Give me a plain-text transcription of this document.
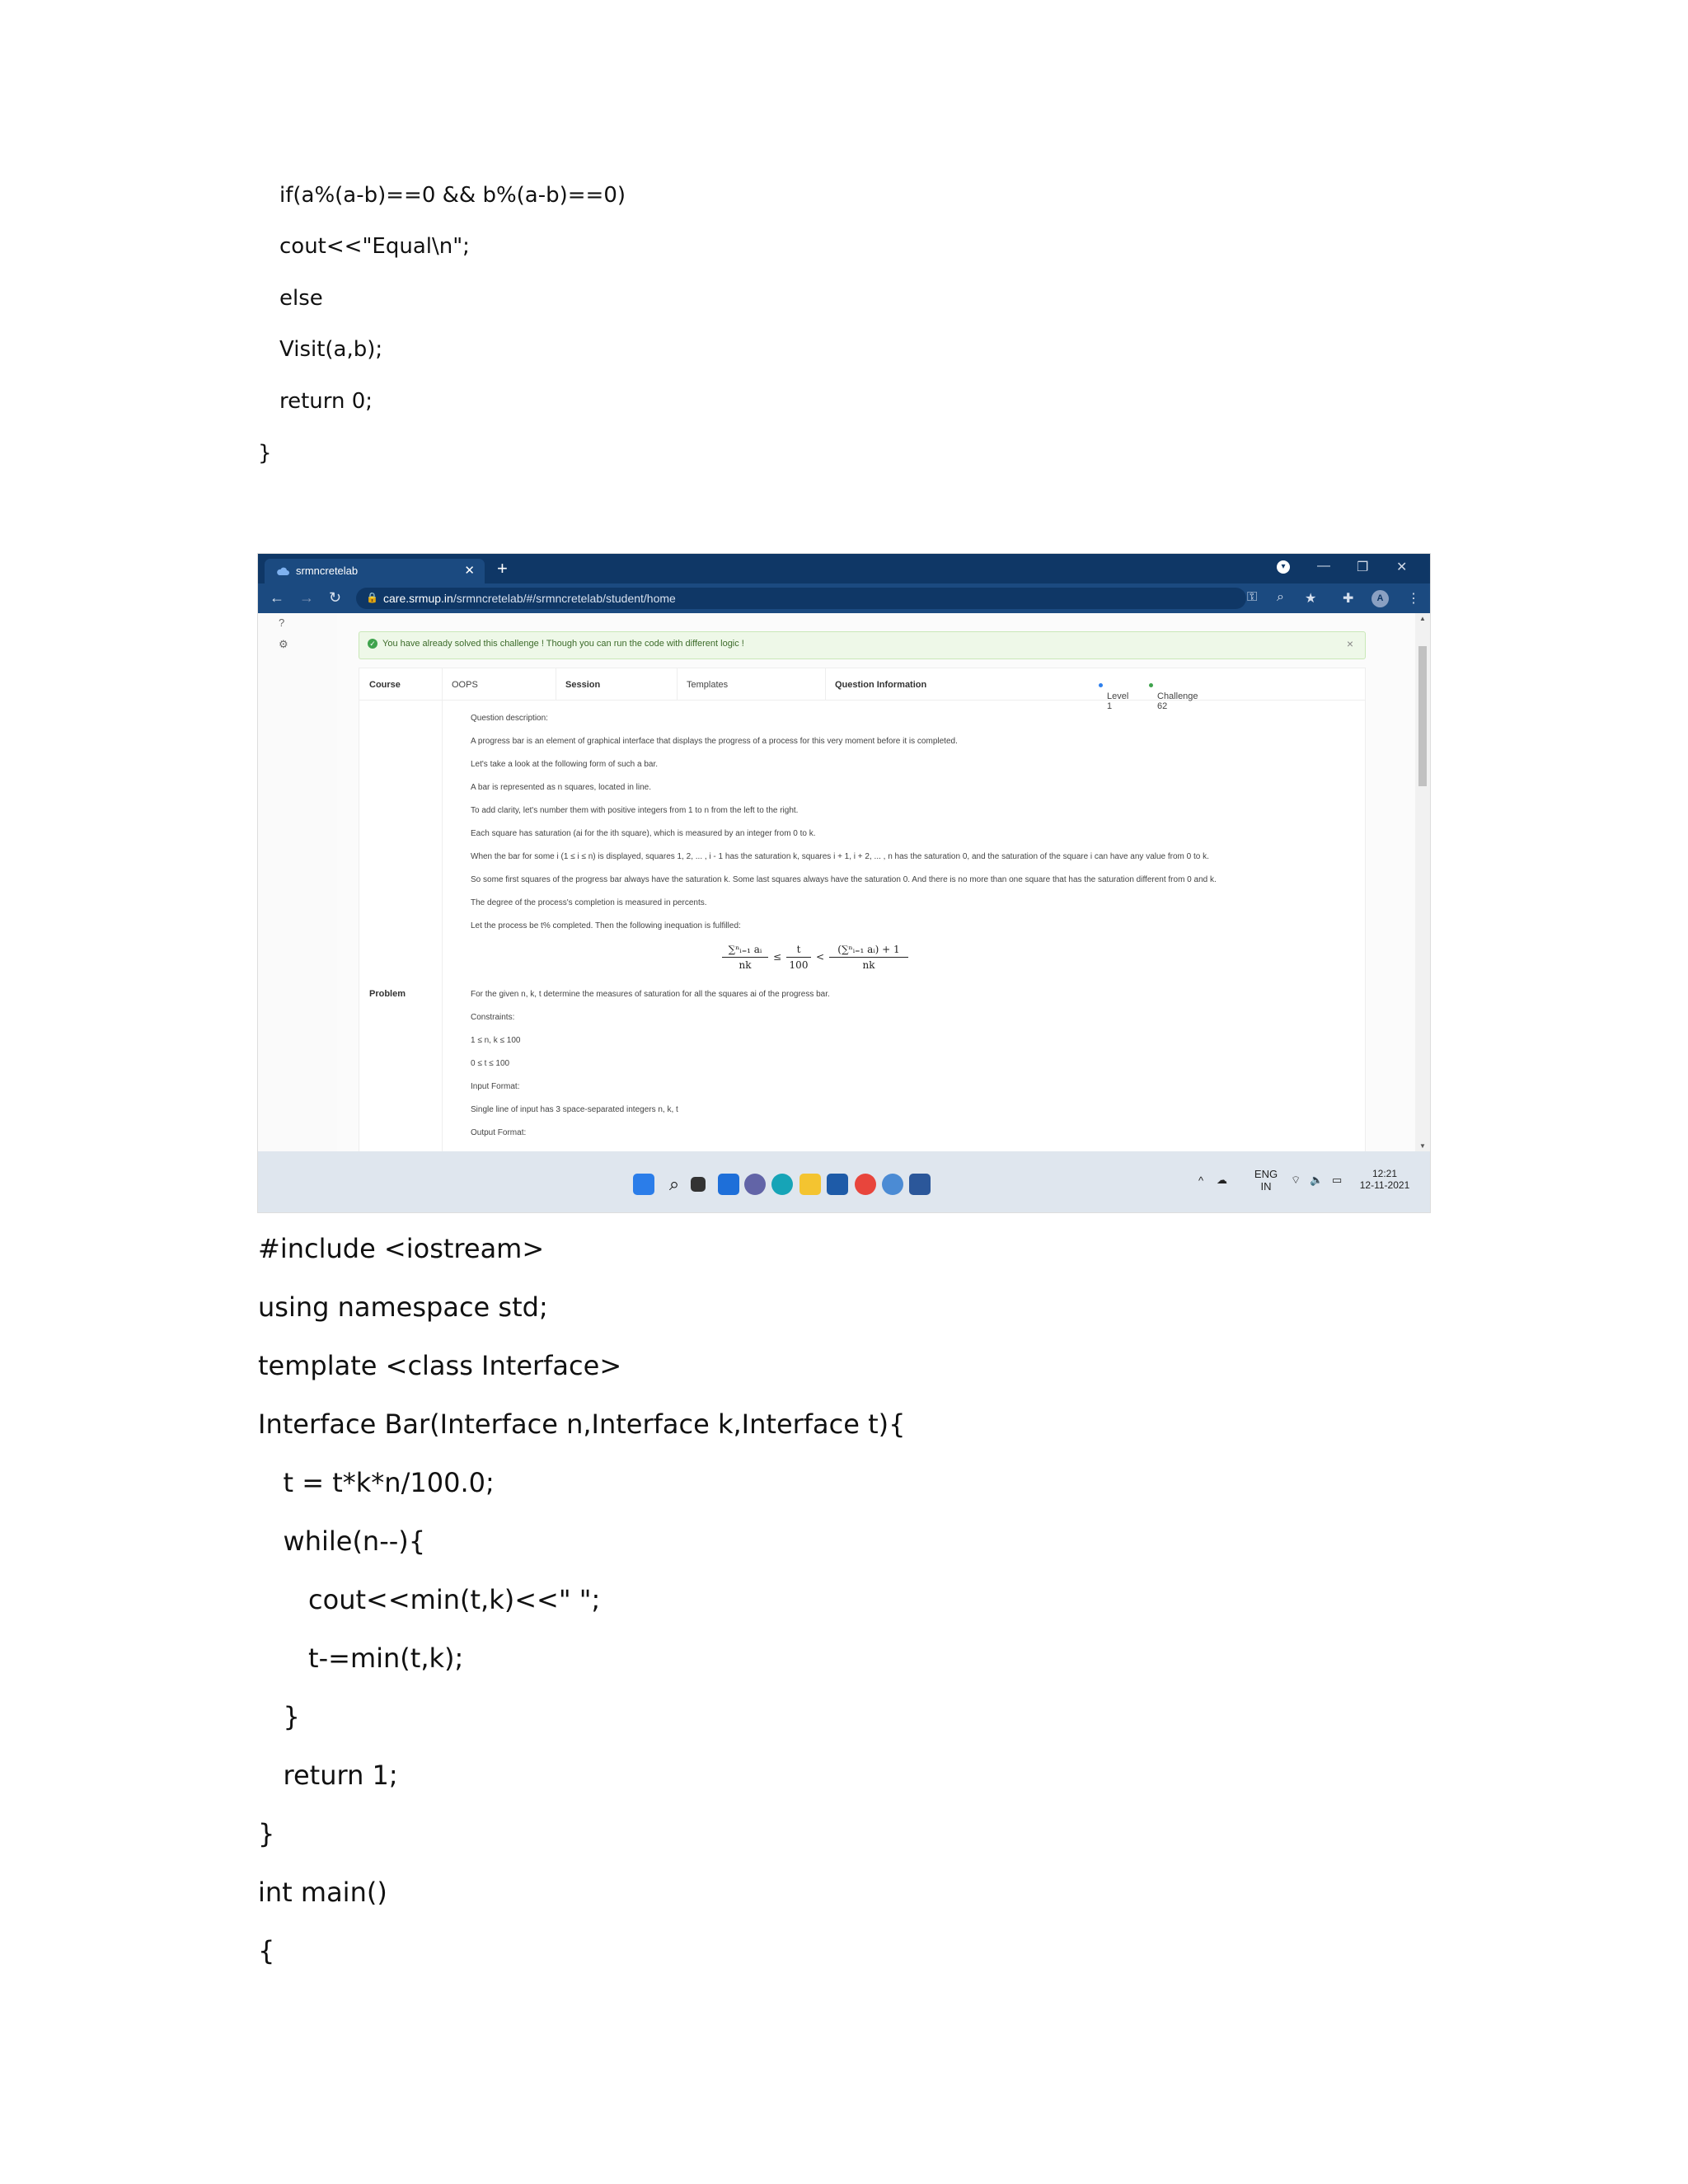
if(a%(a-b)==0 && b%(a-b)==0)
cout<<"Equal\n";
else
Visit(a,b);
return 0;
}
srmncretelab	✕ +	▾	— ❐ ✕
← → ↻ 🔒 care.srmup.in/srmncretelab/#/srmncretelab/student/home	⚿ ⌕ ★ ✚	A	⋮
?
⚙	✓ You have already solved this challenge ! Though you can run the code with different logic !	×
Course	OOPS	Session	Templates	Question Information
Level 1
Challenge 62
Problem
Question description:
A progress bar is an element of graphical interface that displays the progress of a process for this very moment before it is completed.
Let's take a look at the following form of such a bar.
A bar is represented as n squares, located in line.
To add clarity, let's number them with positive integers from 1 to n from the left to the right.
Each square has saturation (ai for the ith square), which is measured by an integer from 0 to k.
When the bar for some i (1 ≤ i ≤ n) is displayed, squares 1, 2, ... , i - 1 has the saturation k, squares i + 1, i + 2, ... , n has the saturation 0, and the saturation of the square i can have any value from 0 to k.
So some first squares of the progress bar always have the saturation k. Some last squares always have the saturation 0. And there is no more than one square that has the saturation different from 0 and k.
The degree of the process's completion is measured in percents.
Let the process be t% completed. Then the following inequation is fulfilled:
∑ⁿᵢ₌₁ aᵢ
nk
≤
t
100
<
(∑ⁿᵢ₌₁ aᵢ) + 1
nk
For the given n, k, t determine the measures of saturation for all the squares ai of the progress bar.
Constraints:
1 ≤ n, k ≤ 100
0 ≤ t ≤ 100
Input Format:
Single line of input has 3 space-separated integers n, k, t
Output Format:
▲
▼
⌕	^ ☁	ENG
IN
⌔ 🔈 ▭	12:21
12-11-2021
#include <iostream>
using namespace std;
template <class Interface>
Interface Bar(Interface n,Interface k,Interface t){
t = t*k*n/100.0;
while(n--){
cout<<min(t,k)<<" ";
t-=min(t,k);
}
return 1;
}
int main()
{
